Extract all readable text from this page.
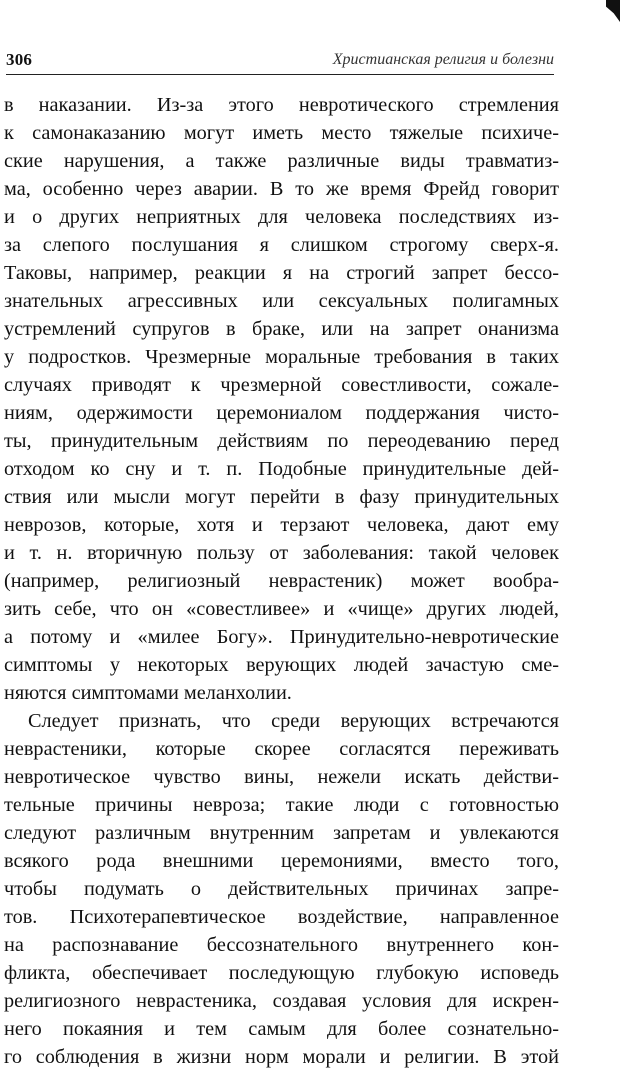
306	Христианская религия и болезни
в наказании. Из-за этого невротического стремления
к самонаказанию могут иметь место тяжелые психиче-
ские нарушения, а также различные виды травматиз-
ма, особенно через аварии. В то же время Фрейд говорит
и о других неприятных для человека последствиях из-
за слепого послушания я слишком строгому сверх-я.
Таковы, например, реакции я на строгий запрет бессо-
знательных агрессивных или сексуальных полигамных
устремлений супругов в браке, или на запрет онанизма
у подростков. Чрезмерные моральные требования в таких
случаях приводят к чрезмерной совестливости, сожале-
ниям, одержимости церемониалом поддержания чисто-
ты, принудительным действиям по переодеванию перед
отходом ко сну и т. п. Подобные принудительные дей-
ствия или мысли могут перейти в фазу принудительных
неврозов, которые, хотя и терзают человека, дают ему
и т. н. вторичную пользу от заболевания: такой человек
(например, религиозный неврастеник) может вообра-
зить себе, что он «совестливее» и «чище» других людей,
а потому и «милее Богу». Принудительно-невротические
симптомы у некоторых верующих людей зачастую сме-
няются симптомами меланхолии.
Следует признать, что среди верующих встречаются
неврастеники, которые скорее согласятся переживать
невротическое чувство вины, нежели искать действи-
тельные причины невроза; такие люди с готовностью
следуют различным внутренним запретам и увлекаются
всякого рода внешними церемониями, вместо того,
чтобы подумать о действительных причинах запре-
тов. Психотерапевтическое воздействие, направленное
на распознавание бессознательного внутреннего кон-
фликта, обеспечивает последующую глубокую исповедь
религиозного неврастеника, создавая условия для искрен-
него покаяния и тем самым для более сознательно-
го соблюдения в жизни норм морали и религии. В этой
